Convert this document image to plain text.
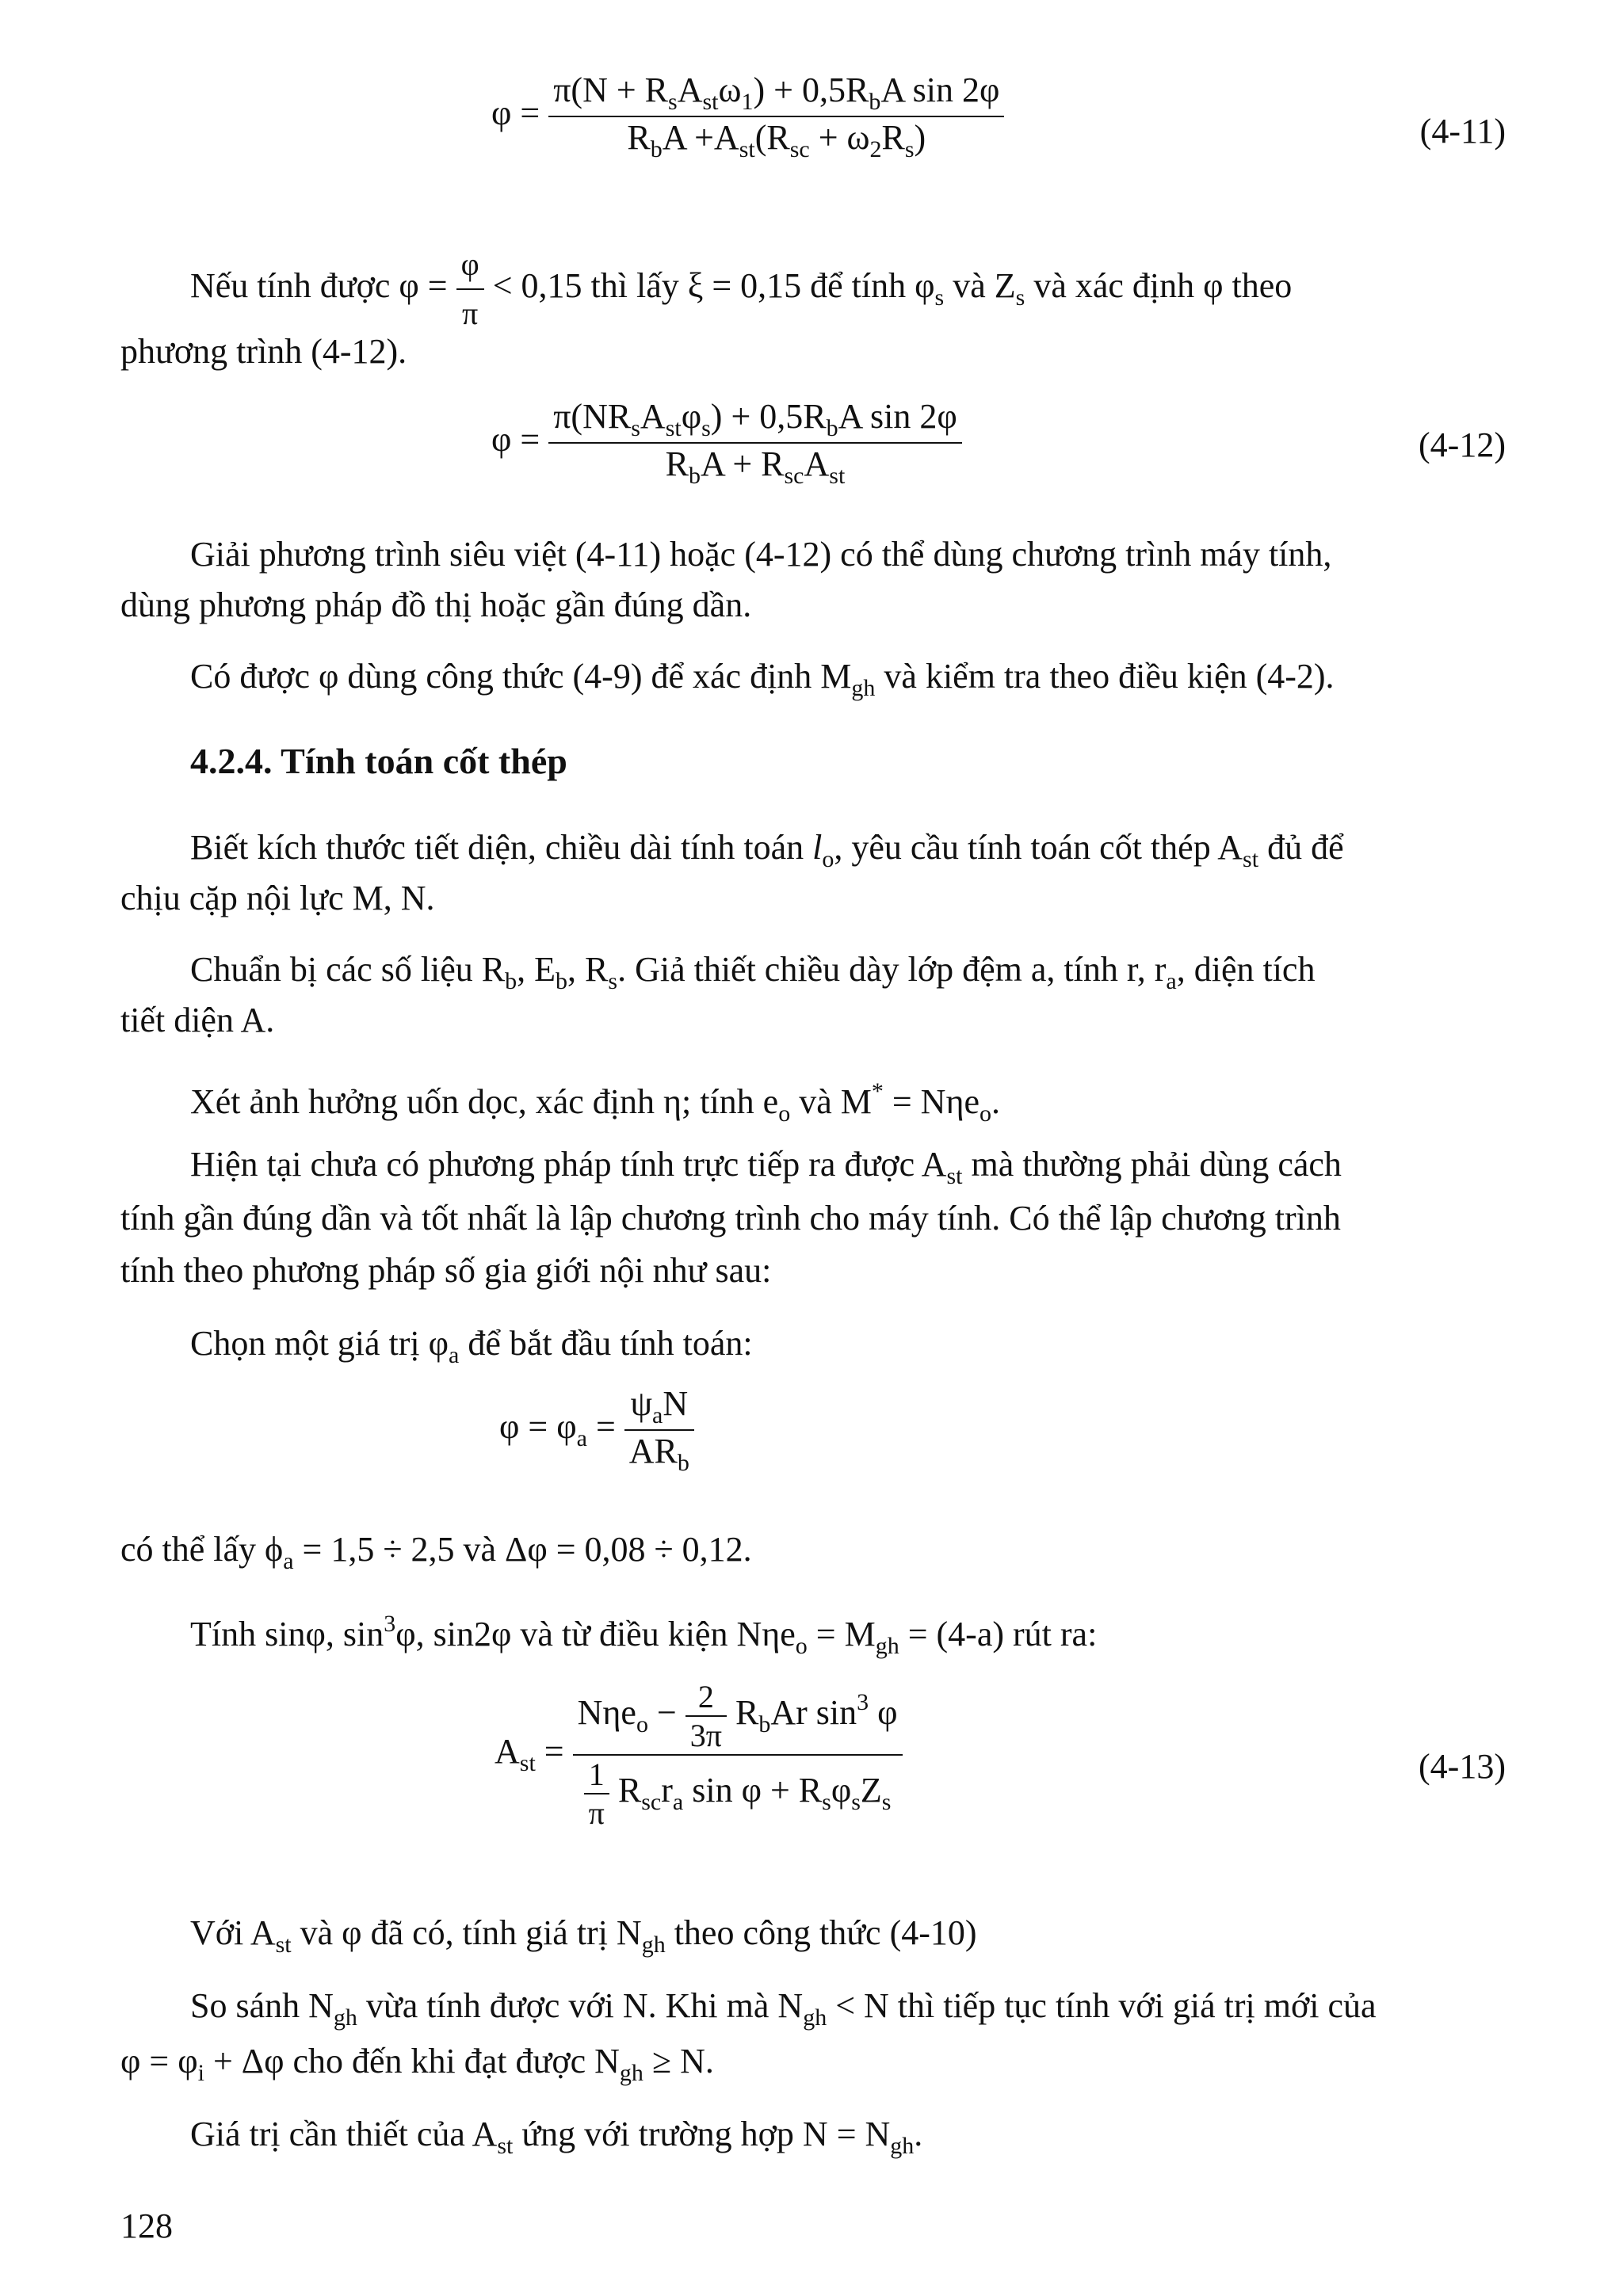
$\varphi = \frac{\pi(N + R_sA_{st}\omega_1) + 0,5R_bA \sin 2\varphi}{R_bA +A_{st}(R_{sc} + \omega_2R_s)}$	(4-11)
Nếu tính được $\varphi = \frac{\varphi}{\pi} < 0,15$ thì lấy ξ = 0,15 để tính $\varphi_s$ và $Z_s$ và xác định φ theo
phương trình (4-12).
$\varphi = \frac{\pi(NR_sA_{st}\varphi_s) + 0,5R_bA \sin 2\varphi}{R_bA + R_{sc}A_{st}}$	(4-12)
Giải phương trình siêu việt (4-11) hoặc (4-12) có thể dùng chương trình máy tính,
dùng phương pháp đồ thị hoặc gần đúng dần.
Có được φ dùng công thức (4-9) để xác định $M_{gh}$ và kiểm tra theo điều kiện (4-2).
4.2.4. Tính toán cốt thép
Biết kích thước tiết diện, chiều dài tính toán $l_o$, yêu cầu tính toán cốt thép $A_{st}$ đủ để
chịu cặp nội lực M, N.
Chuẩn bị các số liệu $R_b$, $E_b$, $R_s$. Giả thiết chiều dày lớp đệm a, tính r, $r_a$, diện tích
tiết diện A.
Xét ảnh hưởng uốn dọc, xác định η; tính $e_o$ và M* = Nηe$_o$.
Hiện tại chưa có phương pháp tính trực tiếp ra được $A_{st}$ mà thường phải dùng cách
tính gần đúng dần và tốt nhất là lập chương trình cho máy tính. Có thể lập chương trình
tính theo phương pháp số gia giới nội như sau:
Chọn một giá trị $\varphi_a$ để bắt đầu tính toán:
$\varphi = \varphi_a = \frac{\psi_aN}{AR_b}$
có thể lấy $\phi_a = 1,5 \div 2,5$ và Δφ = 0,08 ÷ 0,12.
Tính sinφ, $\sin^3\varphi$, sin2φ và từ điều kiện $N\eta e_o = M_{gh} = (4-a)$ rút ra:
$A_{st} = \frac{N\eta e_o - \frac{2}{3\pi} R_bAr \sin^3 \varphi}{\frac{1}{\pi} R_{sc}r_a \sin \varphi + R_s\varphi_sZ_s}$	(4-13)
Với $A_{st}$ và φ đã có, tính giá trị $N_{gh}$ theo công thức (4-10)
So sánh $N_{gh}$ vừa tính được với N. Khi mà $N_{gh} < N$ thì tiếp tục tính với giá trị mới của
$\varphi = \varphi_i + \Delta\varphi$ cho đến khi đạt được $N_{gh} \ge N$.
Giá trị cần thiết của $A_{st}$ ứng với trường hợp $N = N_{gh}$.
128
